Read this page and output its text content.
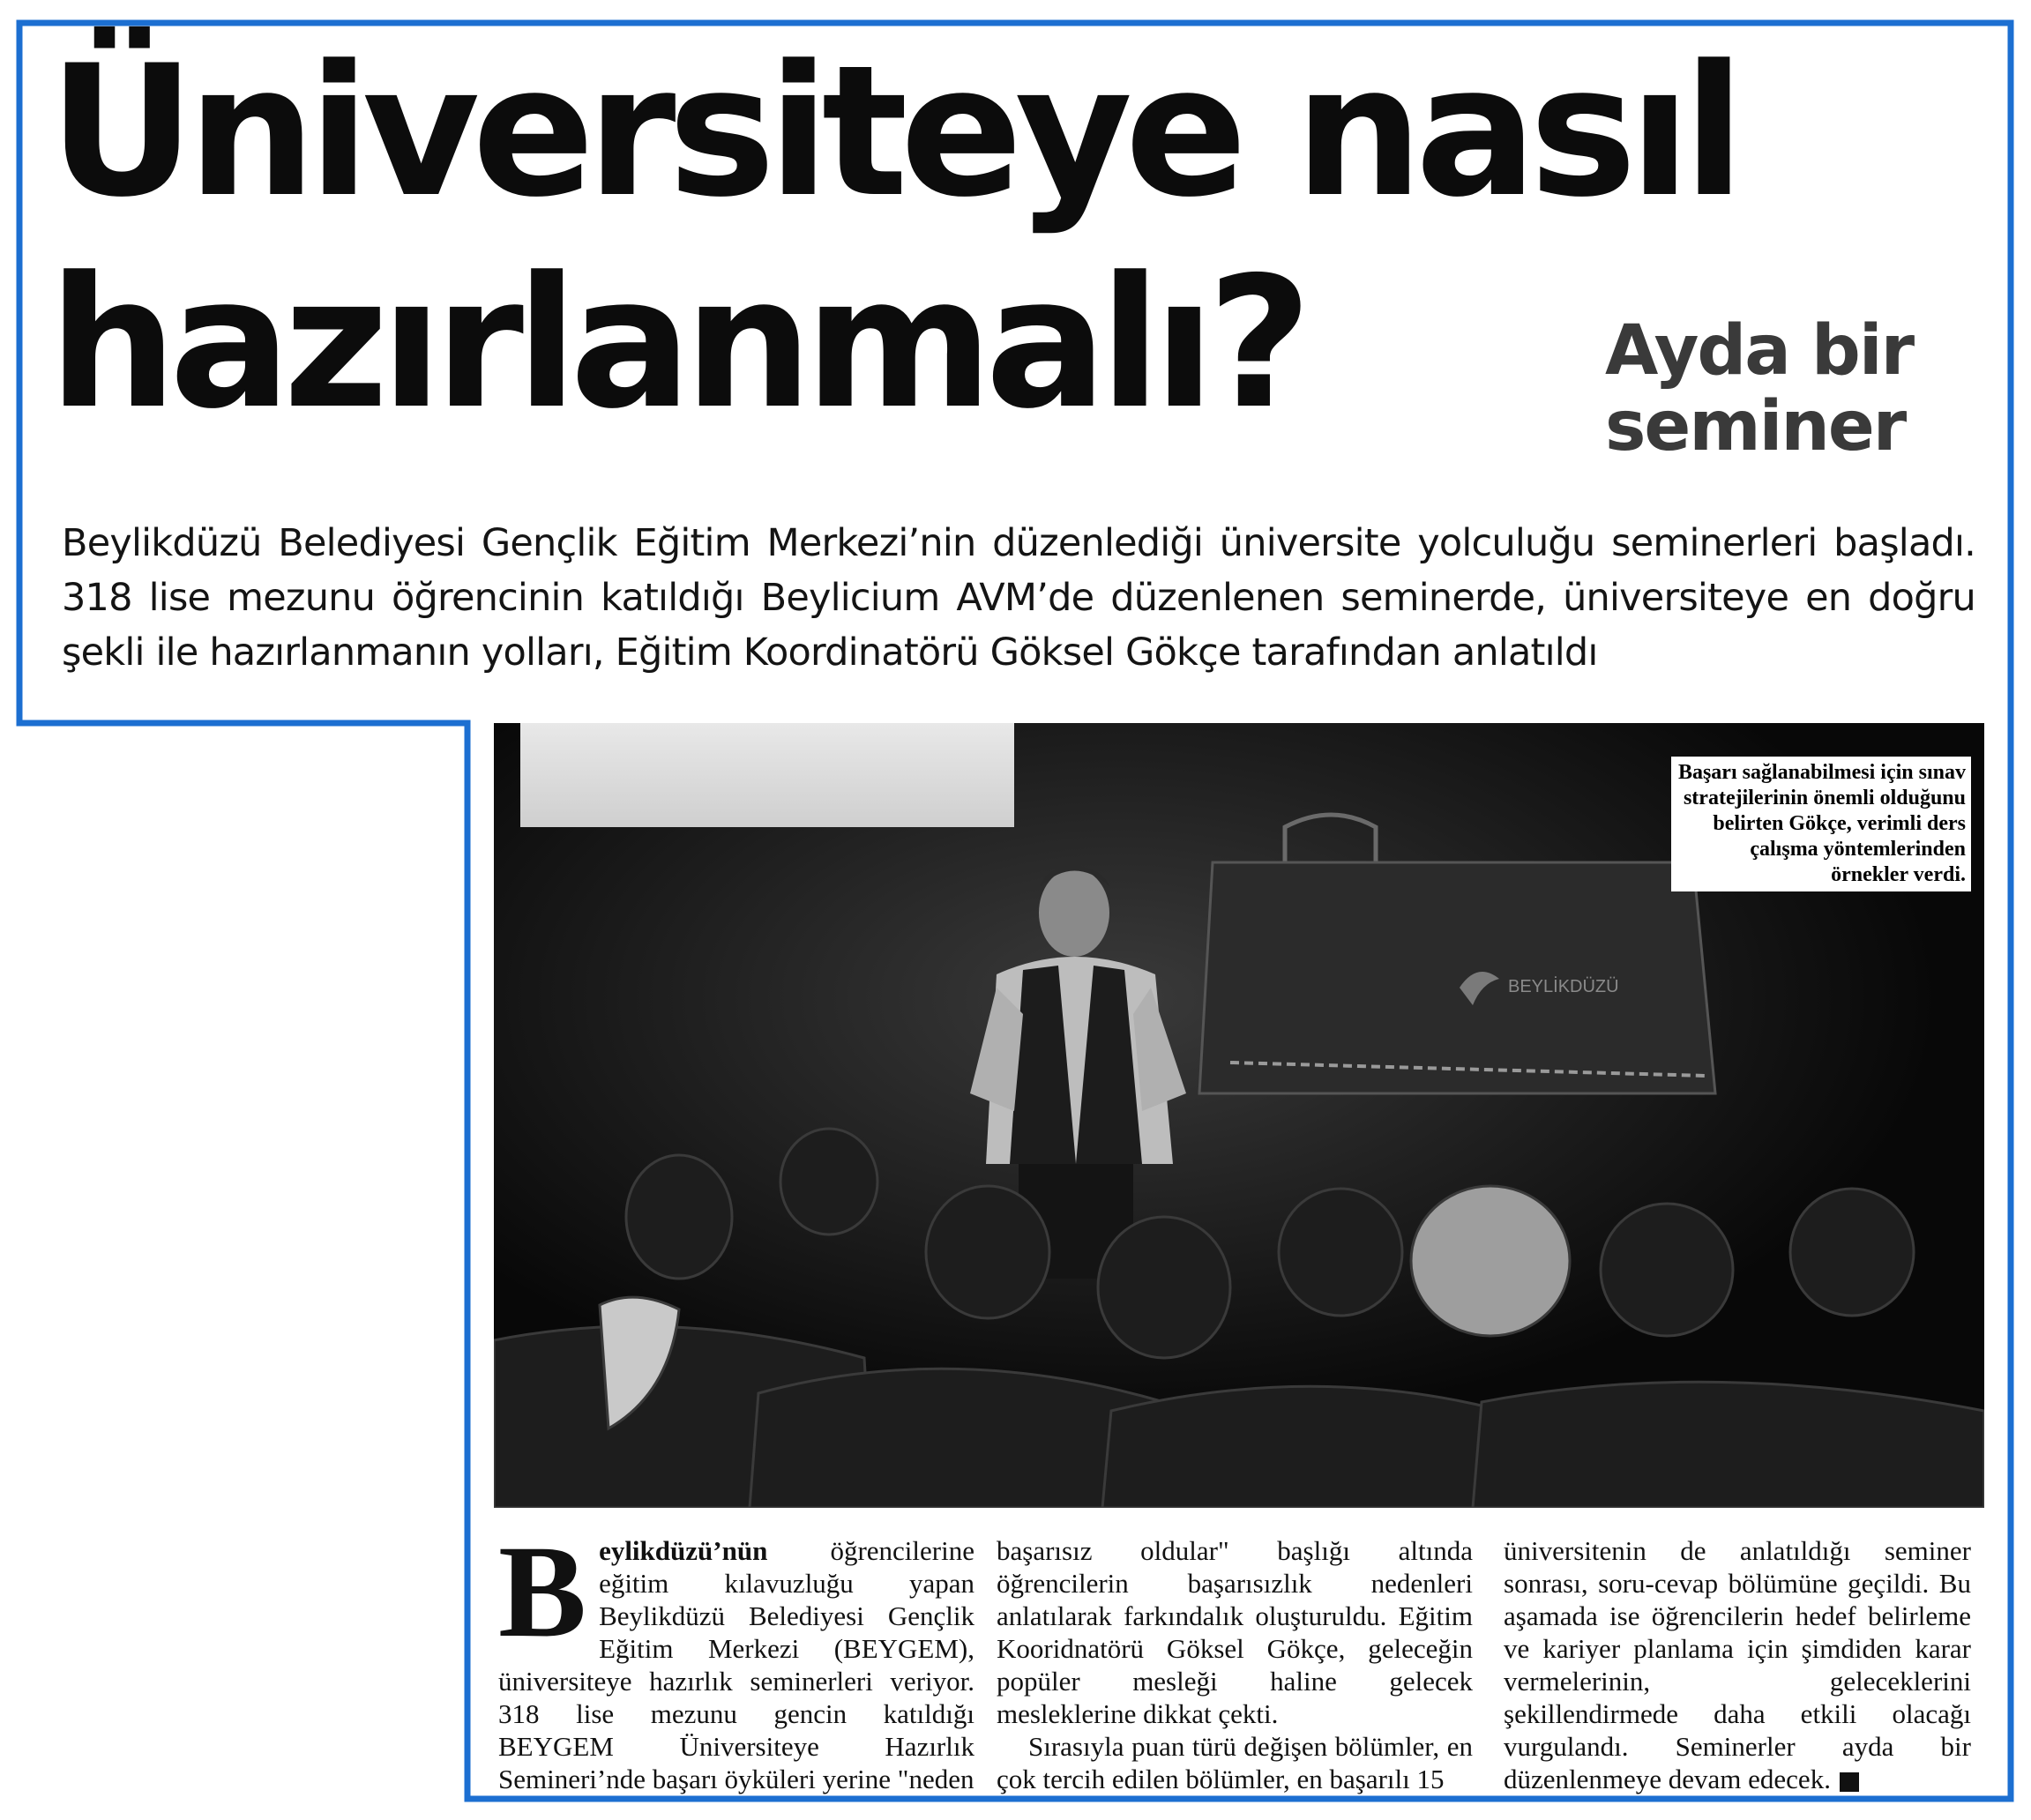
Üniversiteye nasıl
hazırlanmalı?	Ayda bir
seminer
Beylikdüzü Belediyesi Gençlik Eğitim Merkezi’nin düzenlediği üniversite yolculuğu seminerleri başladı. 318 lise mezunu öğrencinin katıldığı Beylicium AVM’de düzenlenen seminerde, üniversiteye en doğru şekli ile hazırlanmanın yolları, Eğitim Koordinatörü Göksel Gökçe tarafından anlatıldı
BEYLİKDÜZÜ
Başarı sağlanabilmesi için sınav stratejilerinin önemli olduğunu belirten Gökçe, verimli ders çalışma yöntemlerinden örnekler verdi.
Beylikdüzü’nün öğrencilerine eğitim kılavuzluğu yapan Beylikdüzü Belediyesi Gençlik Eğitim Merkezi (BEYGEM), üniversiteye hazırlık seminerleri veriyor. 318 lise mezunu gencin katıldığı BEYGEM Üniversiteye Hazırlık Semineri’nde başarı öyküleri yerine "neden
başarısız oldular" başlığı altında öğrencilerin başarısızlık nedenleri anlatılarak farkındalık oluşturuldu. Eğitim Kooridnatörü Göksel Gökçe, geleceğin popüler mesleği haline gelecek mesleklerine dikkat çekti.
Sırasıyla puan türü değişen bölümler, en çok tercih edilen bölümler, en başarılı 15
üniversitenin de anlatıldığı seminer sonrası, soru-cevap bölümüne geçildi. Bu aşamada ise öğrencilerin hedef belirleme ve kariyer planlama için şimdiden karar vermelerinin, geleceklerini şekillendirmede daha etkili olacağı vurgulandı. Seminerler ayda bir düzenlenmeye devam edecek.
